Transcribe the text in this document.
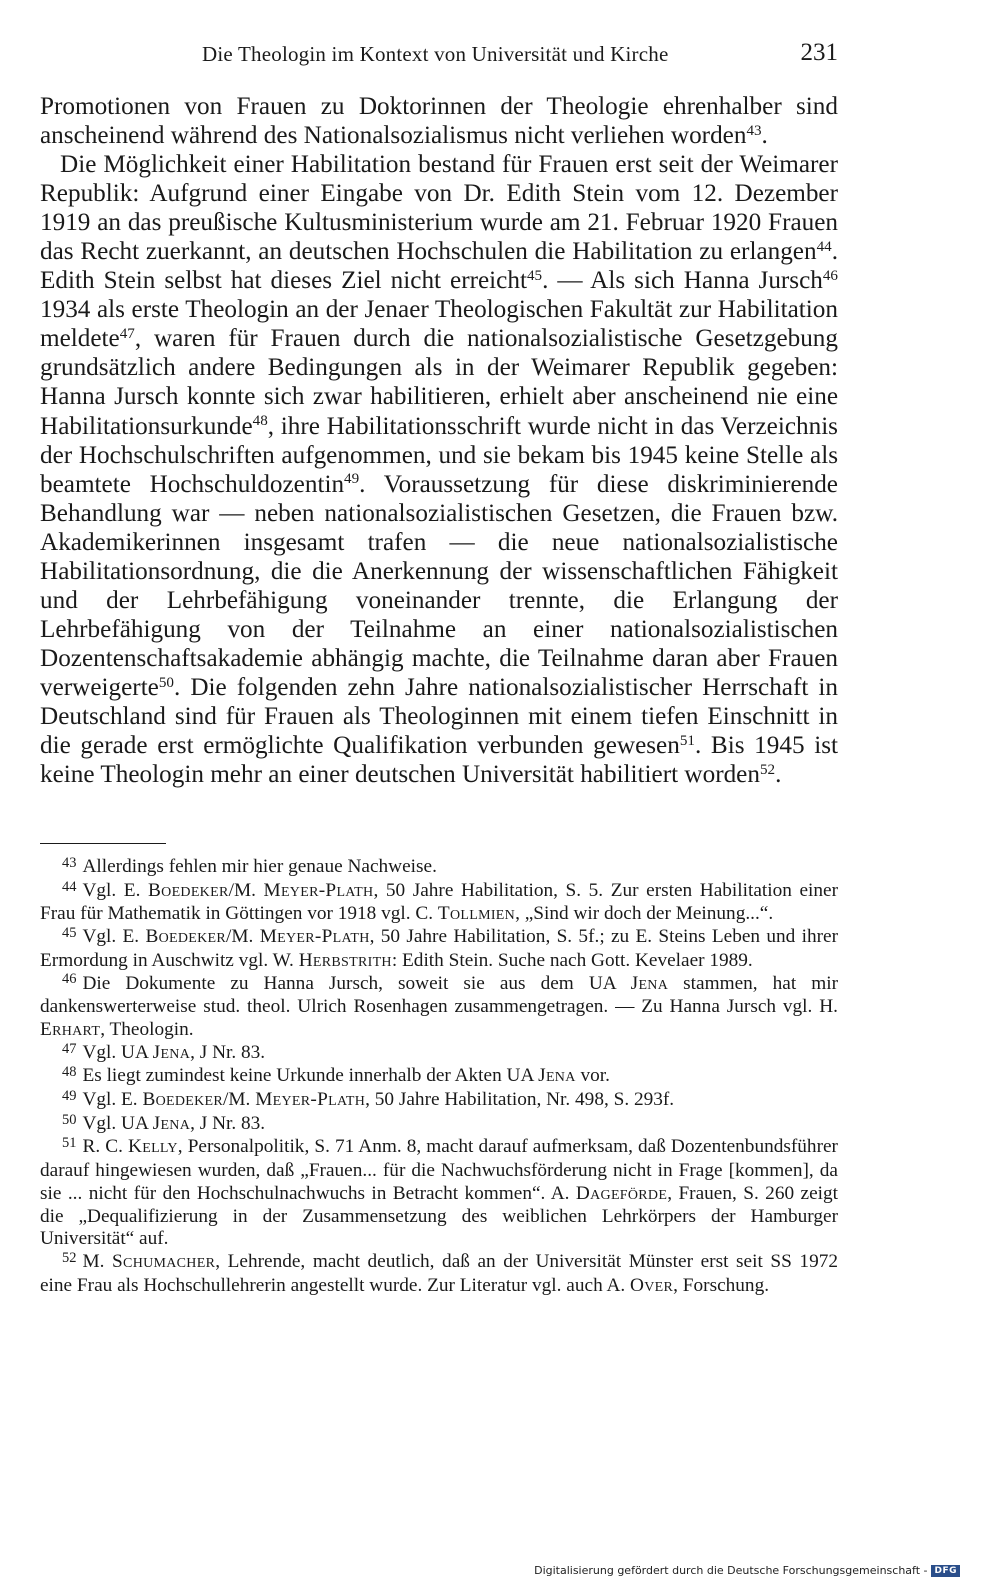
Die Theologin im Kontext von Universität und Kirche	231

Promotionen von Frauen zu Doktorinnen der Theologie ehrenhalber sind anscheinend während des Nationalsozialismus nicht verliehen worden$^{43}$.

Die Möglichkeit einer Habilitation bestand für Frauen erst seit der Weimarer Republik: Aufgrund einer Eingabe von Dr. Edith Stein vom 12. Dezember 1919 an das preußische Kultusministerium wurde am 21. Februar 1920 Frauen das Recht zuerkannt, an deutschen Hochschulen die Habilitation zu erlangen$^{44}$. Edith Stein selbst hat dieses Ziel nicht erreicht$^{45}$. — Als sich Hanna Jursch$^{46}$ 1934 als erste Theologin an der Jenaer Theologischen Fakultät zur Habilitation meldete$^{47}$, waren für Frauen durch die nationalsozialistische Gesetzgebung grundsätzlich andere Bedingungen als in der Weimarer Republik gegeben: Hanna Jursch konnte sich zwar habilitieren, erhielt aber anscheinend nie eine Habilitationsurkunde$^{48}$, ihre Habilitationsschrift wurde nicht in das Verzeichnis der Hochschulschriften aufgenommen, und sie bekam bis 1945 keine Stelle als beamtete Hochschuldozentin$^{49}$. Voraussetzung für diese diskriminierende Behandlung war — neben nationalsozialistischen Gesetzen, die Frauen bzw. Akademikerinnen insgesamt trafen — die neue nationalsozialistische Habilitationsordnung, die die Anerkennung der wissenschaftlichen Fähigkeit und der Lehrbefähigung voneinander trennte, die Erlangung der Lehrbefähigung von der Teilnahme an einer nationalsozialistischen Dozentenschaftsakademie abhängig machte, die Teilnahme daran aber Frauen verweigerte$^{50}$. Die folgenden zehn Jahre nationalsozialistischer Herrschaft in Deutschland sind für Frauen als Theologinnen mit einem tiefen Einschnitt in die gerade erst ermöglichte Qualifikation verbunden gewesen$^{51}$. Bis 1945 ist keine Theologin mehr an einer deutschen Universität habilitiert worden$^{52}$.

$^{43}$ Allerdings fehlen mir hier genaue Nachweise.

$^{44}$ Vgl. E. Boedeker/M. Meyer-Plath, 50 Jahre Habilitation, S. 5. Zur ersten Habilitation einer Frau für Mathematik in Göttingen vor 1918 vgl. C. Tollmien, „Sind wir doch der Meinung...“.

$^{45}$ Vgl. E. Boedeker/M. Meyer-Plath, 50 Jahre Habilitation, S. 5f.; zu E. Steins Leben und ihrer Ermordung in Auschwitz vgl. W. Herbstrith: Edith Stein. Suche nach Gott. Kevelaer 1989.

$^{46}$ Die Dokumente zu Hanna Jursch, soweit sie aus dem UA Jena stammen, hat mir dankenswerterweise stud. theol. Ulrich Rosenhagen zusammengetragen. — Zu Hanna Jursch vgl. H. Erhart, Theologin.

$^{47}$ Vgl. UA Jena, J Nr. 83.

$^{48}$ Es liegt zumindest keine Urkunde innerhalb der Akten UA Jena vor.

$^{49}$ Vgl. E. Boedeker/M. Meyer-Plath, 50 Jahre Habilitation, Nr. 498, S. 293f.

$^{50}$ Vgl. UA Jena, J Nr. 83.

$^{51}$ R. C. Kelly, Personalpolitik, S. 71 Anm. 8, macht darauf aufmerksam, daß Dozentenbundsführer darauf hingewiesen wurden, daß „Frauen... für die Nachwuchsförderung nicht in Frage [kommen], da sie ... nicht für den Hochschulnachwuchs in Betracht kommen“. A. Dageförde, Frauen, S. 260 zeigt die „Dequalifizierung in der Zusammensetzung des weiblichen Lehrkörpers der Hamburger Universität“ auf.

$^{52}$ M. Schumacher, Lehrende, macht deutlich, daß an der Universität Münster erst seit SS 1972 eine Frau als Hochschullehrerin angestellt wurde. Zur Literatur vgl. auch A. Over, Forschung.

Digitalisierung gefördert durch die Deutsche Forschungsgemeinschaft - DFG
